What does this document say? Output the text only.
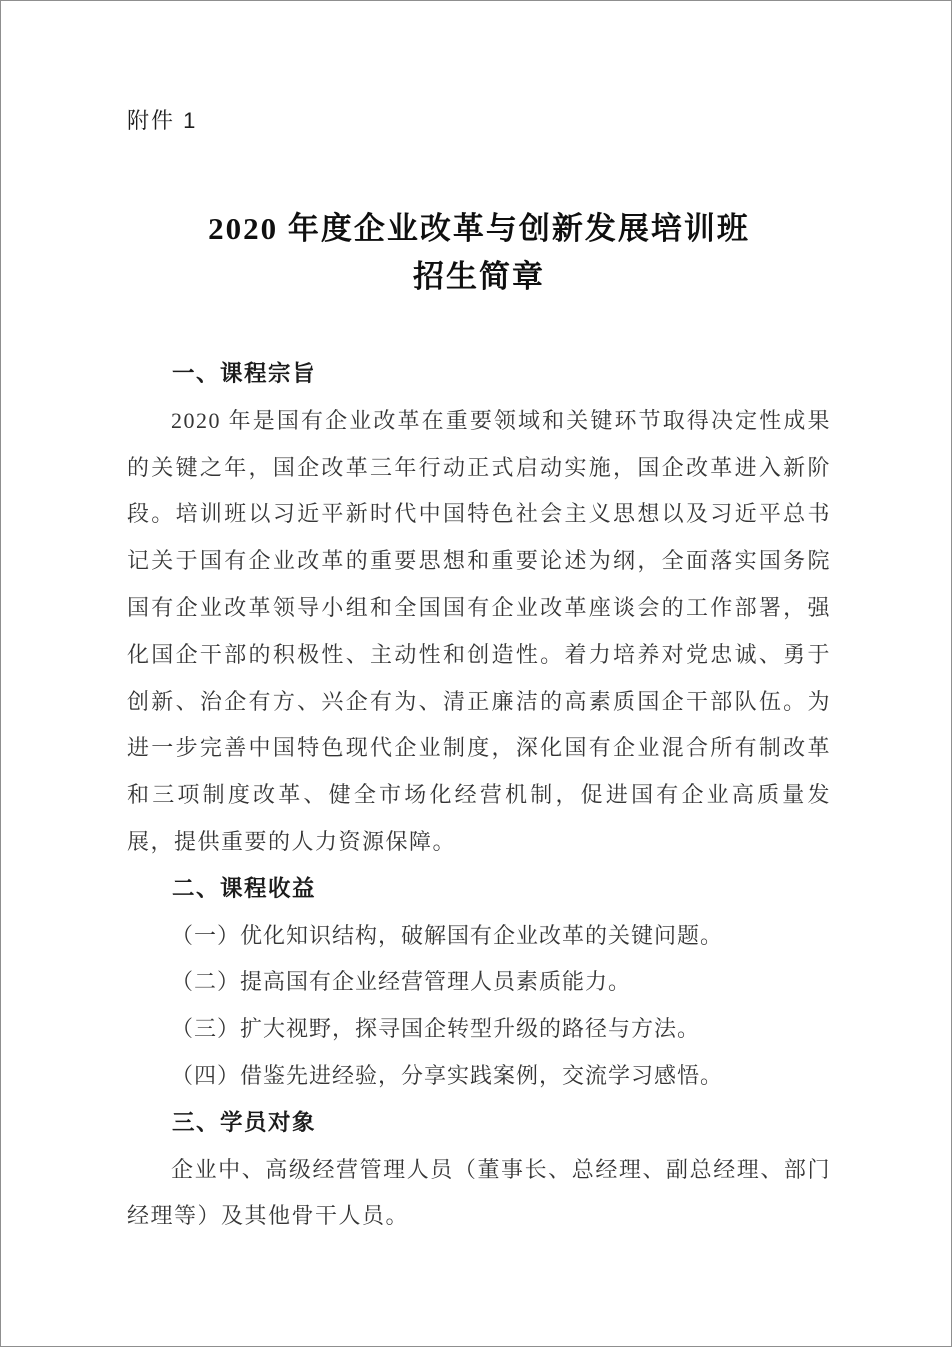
附件 1
2020 年度企业改革与创新发展培训班
招生简章
一、课程宗旨

2020 年是国有企业改革在重要领域和关键环节取得决定性成果的关键之年，国企改革三年行动正式启动实施，国企改革进入新阶段。培训班以习近平新时代中国特色社会主义思想以及习近平总书记关于国有企业改革的重要思想和重要论述为纲，全面落实国务院国有企业改革领导小组和全国国有企业改革座谈会的工作部署，强化国企干部的积极性、主动性和创造性。着力培养对党忠诚、勇于创新、治企有方、兴企有为、清正廉洁的高素质国企干部队伍。为进一步完善中国特色现代企业制度，深化国有企业混合所有制改革和三项制度改革、健全市场化经营机制，促进国有企业高质量发展，提供重要的人力资源保障。

二、课程收益

（一）优化知识结构，破解国有企业改革的关键问题。

（二）提高国有企业经营管理人员素质能力。

（三）扩大视野，探寻国企转型升级的路径与方法。

（四）借鉴先进经验，分享实践案例，交流学习感悟。

三、学员对象

企业中、高级经营管理人员（董事长、总经理、副总经理、部门经理等）及其他骨干人员。
